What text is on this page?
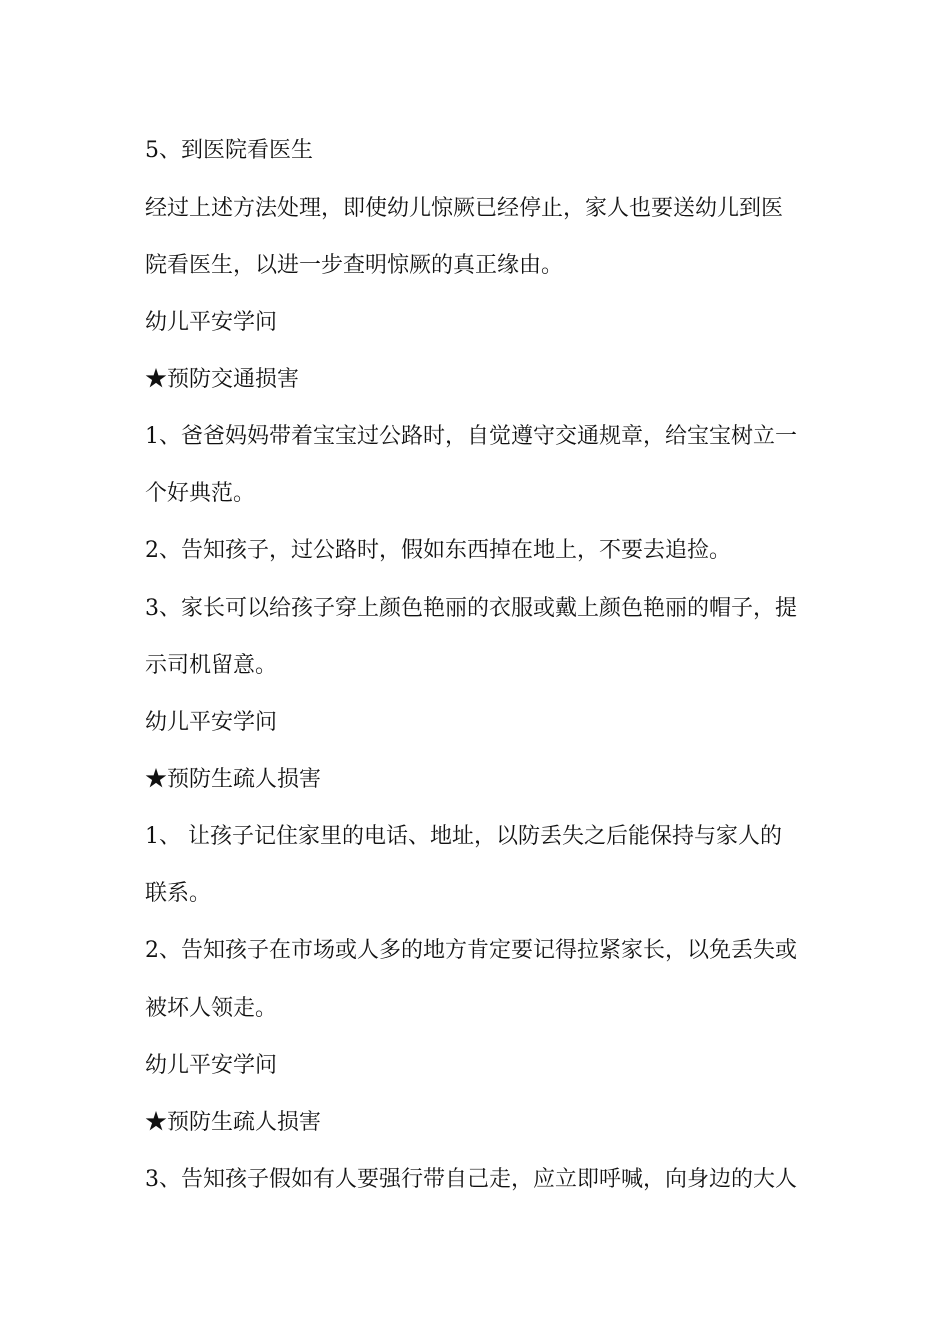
5、到医院看医生
经过上述方法处理，即使幼儿惊厥已经停止，家人也要送幼儿到医
院看医生，以进一步查明惊厥的真正缘由。
幼儿平安学问
★预防交通损害
1、爸爸妈妈带着宝宝过公路时，自觉遵守交通规章，给宝宝树立一
个好典范。
2、告知孩子，过公路时，假如东西掉在地上，不要去追捡。
3、家长可以给孩子穿上颜色艳丽的衣服或戴上颜色艳丽的帽子，提
示司机留意。
幼儿平安学问
★预防生疏人损害
1、 让孩子记住家里的电话、地址，以防丢失之后能保持与家人的
联系。
2、告知孩子在市场或人多的地方肯定要记得拉紧家长，以免丢失或
被坏人领走。
幼儿平安学问
★预防生疏人损害
3、告知孩子假如有人要强行带自己走，应立即呼喊，向身边的大人
